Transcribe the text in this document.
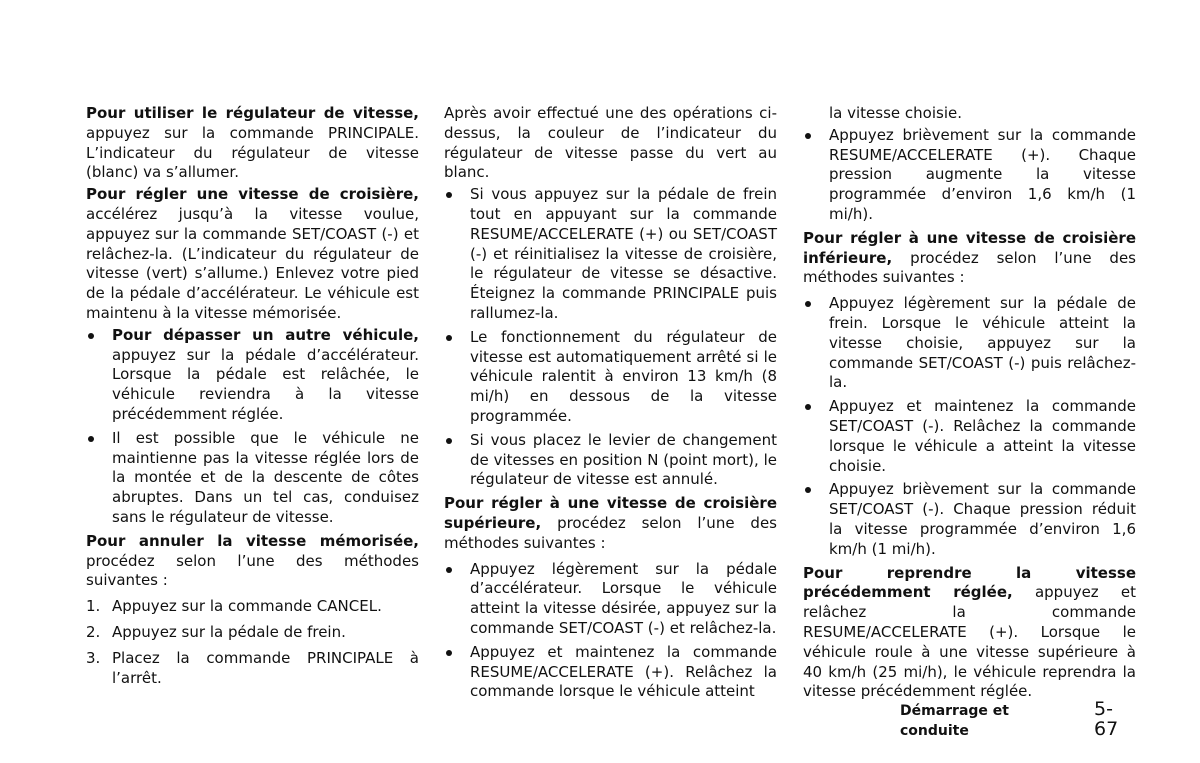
Pour utiliser le régulateur de vitesse, appuyez sur la commande PRINCIPALE. L’indicateur du régulateur de vitesse (blanc) va s’allumer.

Pour régler une vitesse de croisière, accélérez jusqu’à la vitesse voulue, appuyez sur la commande SET/COAST (-) et relâchez-la. (L’indicateur du régulateur de vitesse (vert) s’allume.) Enlevez votre pied de la pédale d’accélérateur. Le véhicule est maintenu à la vitesse mémorisée.

Pour dépasser un autre véhicule, appuyez sur la pédale d’accélérateur. Lorsque la pédale est relâchée, le véhicule reviendra à la vitesse précédemment réglée.
Il est possible que le véhicule ne maintienne pas la vitesse réglée lors de la montée et de la descente de côtes abruptes. Dans un tel cas, conduisez sans le régulateur de vitesse.

Pour annuler la vitesse mémorisée, procédez selon l’une des méthodes suivantes :

1. Appuyez sur la commande CANCEL.
2. Appuyez sur la pédale de frein.
3. Placez la commande PRINCIPALE à l’arrêt.

Après avoir effectué une des opérations ci-dessus, la couleur de l’indicateur du régulateur de vitesse passe du vert au blanc.

Si vous appuyez sur la pédale de frein tout en appuyant sur la commande RESUME/ACCELERATE (+) ou SET/COAST (-) et réinitialisez la vitesse de croisière, le régulateur de vitesse se désactive. Éteignez la commande PRINCIPALE puis rallumez-la.
Le fonctionnement du régulateur de vitesse est automatiquement arrêté si le véhicule ralentit à environ 13 km/h (8 mi/h) en dessous de la vitesse programmée.
Si vous placez le levier de changement de vitesses en position N (point mort), le régulateur de vitesse est annulé.

Pour régler à une vitesse de croisière supérieure, procédez selon l’une des méthodes suivantes :

Appuyez légèrement sur la pédale d’accélérateur. Lorsque le véhicule atteint la vitesse désirée, appuyez sur la commande SET/COAST (-) et relâchez-la.
Appuyez et maintenez la commande RESUME/ACCELERATE (+). Relâchez la commande lorsque le véhicule atteint

la vitesse choisie.

Appuyez brièvement sur la commande RESUME/ACCELERATE (+). Chaque pression augmente la vitesse programmée d’environ 1,6 km/h (1 mi/h).

Pour régler à une vitesse de croisière inférieure, procédez selon l’une des méthodes suivantes :

Appuyez légèrement sur la pédale de frein. Lorsque le véhicule atteint la vitesse choisie, appuyez sur la commande SET/COAST (-) puis relâchez-la.
Appuyez et maintenez la commande SET/COAST (-). Relâchez la commande lorsque le véhicule a atteint la vitesse choisie.
Appuyez brièvement sur la commande SET/COAST (-). Chaque pression réduit la vitesse programmée d’environ 1,6 km/h (1 mi/h).

Pour reprendre la vitesse précédemment réglée, appuyez et relâchez la commande RESUME/ACCELERATE (+). Lorsque le véhicule roule à une vitesse supérieure à 40 km/h (25 mi/h), le véhicule reprendra la vitesse précédemment réglée.

Démarrage et conduite
5-67
